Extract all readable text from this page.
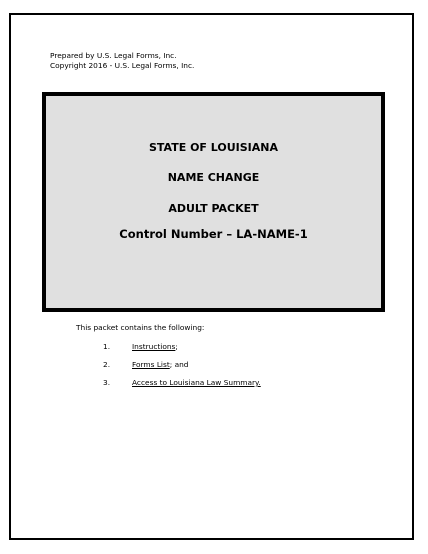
Prepared by U.S. Legal Forms, Inc.
Copyright 2016 - U.S. Legal Forms, Inc.
STATE OF LOUISIANA
NAME CHANGE
ADULT PACKET
Control Number – LA-NAME-1
This packet contains the following:
1.	Instructions;
2.	Forms List; and
3.	Access to Louisiana Law Summary.
